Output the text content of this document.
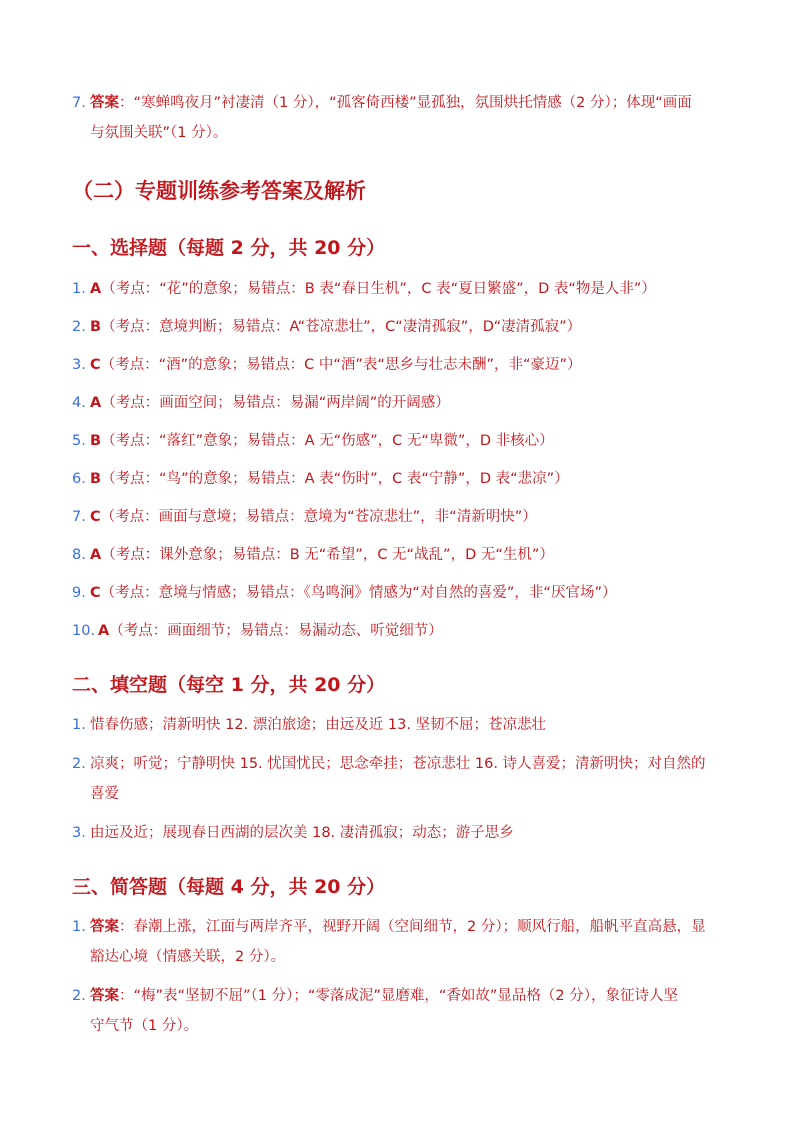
7. 答案：“寒蝉鸣夜月”衬凄清（1 分），“孤客倚西楼”显孤独，氛围烘托情感（2 分）；体现“画面
与氛围关联”（1 分）。
（二）专题训练参考答案及解析
一、选择题（每题 2 分，共 20 分）
1. A（考点：“花”的意象；易错点：B 表“春日生机”，C 表“夏日繁盛”，D 表“物是人非”）
2. B（考点：意境判断；易错点：A“苍凉悲壮”，C“凄清孤寂”，D“凄清孤寂”）
3. C（考点：“酒”的意象；易错点：C 中“酒”表“思乡与壮志未酬”，非“豪迈”）
4. A（考点：画面空间；易错点：易漏“两岸阔”的开阔感）
5. B（考点：“落红”意象；易错点：A 无“伤感”，C 无“卑微”，D 非核心）
6. B（考点：“鸟”的意象；易错点：A 表“伤时”，C 表“宁静”，D 表“悲凉”）
7. C（考点：画面与意境；易错点：意境为“苍凉悲壮”，非“清新明快”）
8. A（考点：课外意象；易错点：B 无“希望”，C 无“战乱”，D 无“生机”）
9. C（考点：意境与情感；易错点：《鸟鸣涧》情感为“对自然的喜爱”，非“厌官场”）
10. A（考点：画面细节；易错点：易漏动态、听觉细节）
二、填空题（每空 1 分，共 20 分）
1. 惜春伤感；清新明快 12. 漂泊旅途；由远及近 13. 坚韧不屈；苍凉悲壮
2. 凉爽；听觉；宁静明快 15. 忧国忧民；思念牵挂；苍凉悲壮 16. 诗人喜爱；清新明快；对自然的
喜爱
3. 由远及近；展现春日西湖的层次美 18. 凄清孤寂；动态；游子思乡
三、简答题（每题 4 分，共 20 分）
1. 答案：春潮上涨，江面与两岸齐平，视野开阔（空间细节，2 分）；顺风行船，船帆平直高悬，显
豁达心境（情感关联，2 分）。
2. 答案：“梅”表“坚韧不屈”（1 分）；“零落成泥”显磨难，“香如故”显品格（2 分），象征诗人坚
守气节（1 分）。
